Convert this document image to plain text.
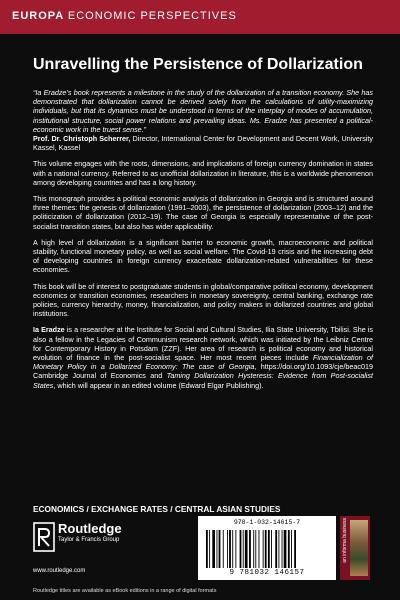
EUROPA ECONOMIC PERSPECTIVES
Unravelling the Persistence of Dollarization

“Ia Eradze’s book represents a milestone in the study of the dollarization of a transition economy. She has demonstrated that dollarization cannot be derived solely from the calculations of utility-maximizing individuals, but that its dynamics must be understood in terms of the interplay of modes of accumulation, institutional structure, social power relations and prevailing ideas. Ms. Eradze has presented a political-economic work in the truest sense.”
Prof. Dr. Christoph Scherrer, Director, International Center for Development and Decent Work, University Kassel, Kassel

This volume engages with the roots, dimensions, and implications of foreign currency domination in states with a national currency. Referred to as unofficial dollarization in literature, this is a worldwide phenomenon among developing countries and has a long history.

This monograph provides a political economic analysis of dollarization in Georgia and is structured around three themes: the genesis of dollarization (1991–2003), the persistence of dollarization (2003–12) and the politicization of dollarization (2012–19). The case of Georgia is especially representative of the post-socialist transition states, but also has wider applicability.

A high level of dollarization is a significant barrier to economic growth, macroeconomic and political stability, functional monetary policy, as well as social welfare. The Covid-19 crisis and the increasing debt of developing countries in foreign currency exacerbate dollarization-related vulnerabilities for these economies.

This book will be of interest to postgraduate students in global/comparative political economy, development economics or transition economies, researchers in monetary sovereignty, central banking, exchange rate policies, currency hierarchy, money, financialization, and policy makers in dollarized countries and global institutions.

Ia Eradze is a researcher at the Institute for Social and Cultural Studies, Ilia State University, Tbilisi. She is also a fellow in the Legacies of Communism research network, which was initiated by the Leibniz Centre for Contemporary History in Potsdam (ZZF). Her area of research is political economy and historical evolution of finance in the post-socialist space. Her most recent pieces include Financialization of Monetary Policy in a Dollarized Economy: The case of Georgia, https://doi.org/10.1093/cje/beac019 Cambridge Journal of Economics and Taming Dollarization Hysteresis: Evidence from Post-socialist States, which will appear in an edited volume (Edward Elgar Publishing).

ECONOMICS / EXCHANGE RATES / CENTRAL ASIAN STUDIES
Routledge
Taylor & Francis Group
www.routledge.com
978-1-032-14615-7
9 781032 146157
an informa business
Routledge titles are available as eBook editions in a range of digital formats
